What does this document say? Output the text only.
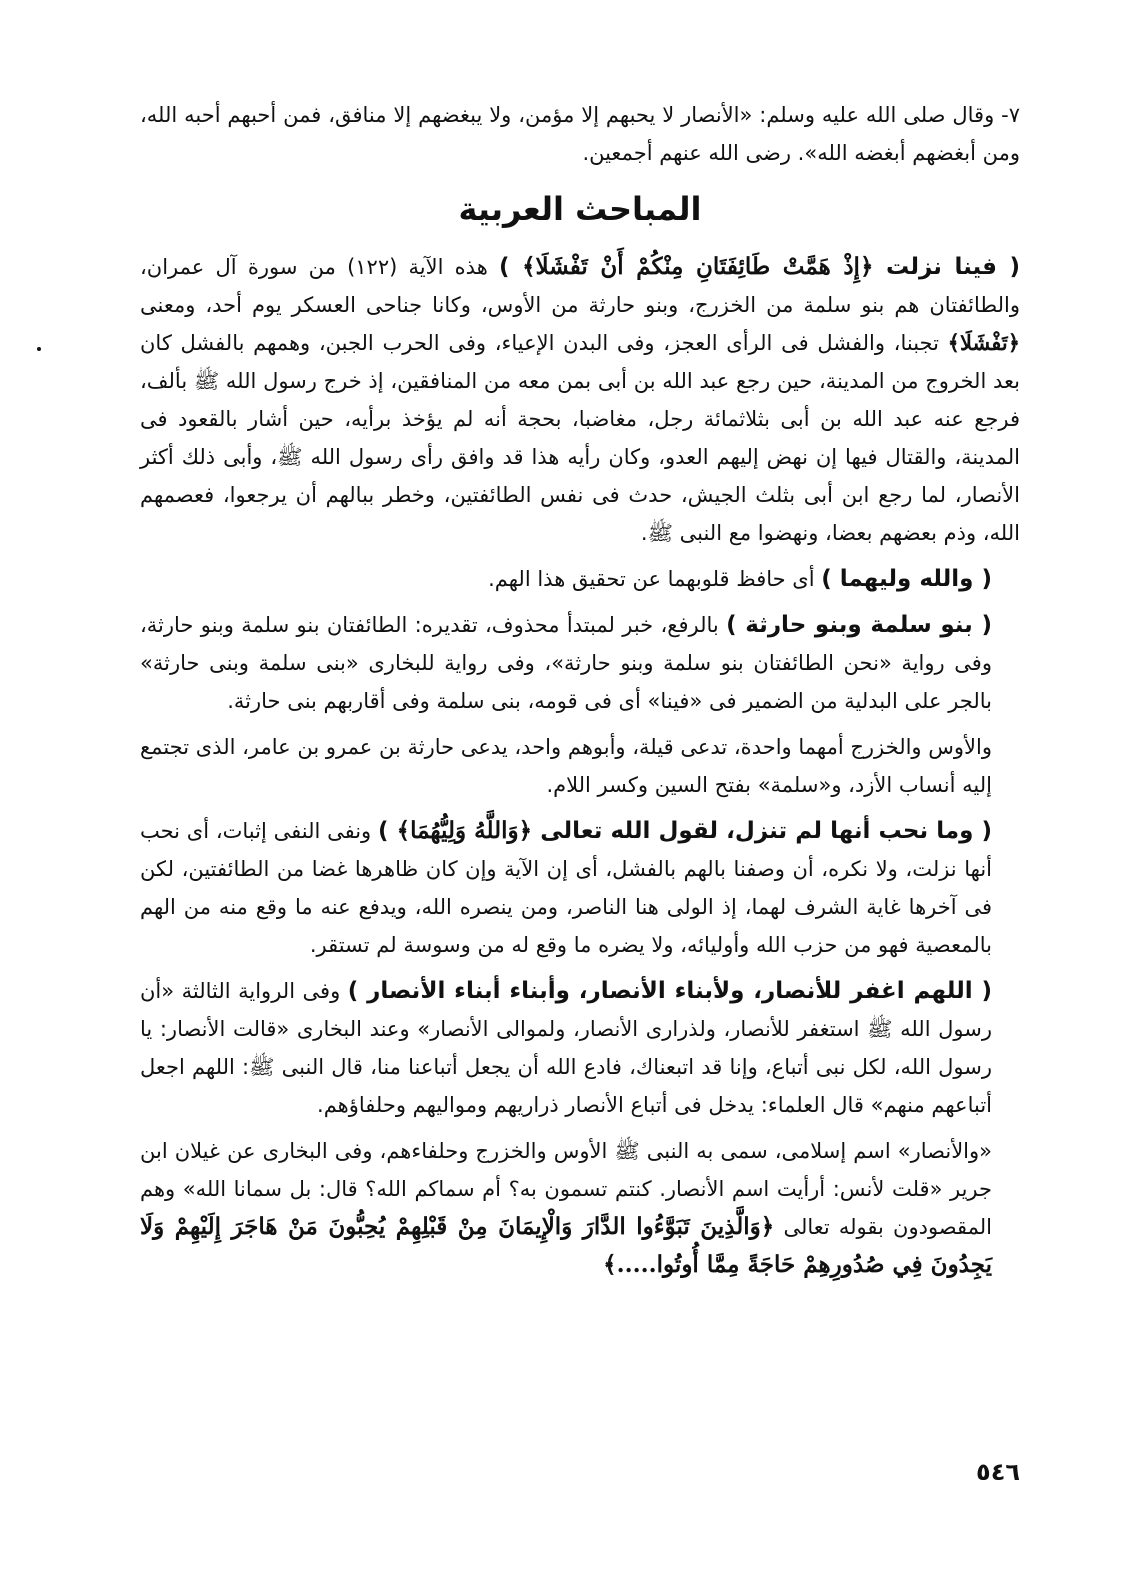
٧- وقال صلى الله عليه وسلم: «الأنصار لا يحبهم إلا مؤمن، ولا يبغضهم إلا منافق، فمن أحبهم أحبه الله، ومن أبغضهم أبغضه الله». رضى الله عنهم أجمعين.

المباحث العربية

( فينا نزلت ﴿إِذْ هَمَّتْ طَائِفَتَانِ مِنْكُمْ أَنْ تَفْشَلَا﴾ ) هذه الآية (١٢٢) من سورة آل عمران، والطائفتان هم بنو سلمة من الخزرج، وبنو حارثة من الأوس، وكانا جناحى العسكر يوم أحد، ومعنى ﴿تَفْشَلَا﴾ تجبنا، والفشل فى الرأى العجز، وفى البدن الإعياء، وفى الحرب الجبن، وهمهم بالفشل كان بعد الخروج من المدينة، حين رجع عبد الله بن أبى بمن معه من المنافقين، إذ خرج رسول الله ﷺ بألف، فرجع عنه عبد الله بن أبى بثلاثمائة رجل، مغاضبا، بحجة أنه لم يؤخذ برأيه، حين أشار بالقعود فى المدينة، والقتال فيها إن نهض إليهم العدو، وكان رأيه هذا قد وافق رأى رسول الله ﷺ، وأبى ذلك أكثر الأنصار، لما رجع ابن أبى بثلث الجيش، حدث فى نفس الطائفتين، وخطر ببالهم أن يرجعوا، فعصمهم الله، وذم بعضهم بعضا، ونهضوا مع النبى ﷺ.

( والله وليهما ) أى حافظ قلوبهما عن تحقيق هذا الهم.

( بنو سلمة وبنو حارثة ) بالرفع، خبر لمبتدأ محذوف، تقديره: الطائفتان بنو سلمة وبنو حارثة، وفى رواية «نحن الطائفتان بنو سلمة وبنو حارثة»، وفى رواية للبخارى «بنى سلمة وبنى حارثة» بالجر على البدلية من الضمير فى «فينا» أى فى قومه، بنى سلمة وفى أقاربهم بنى حارثة.

والأوس والخزرج أمهما واحدة، تدعى قيلة، وأبوهم واحد، يدعى حارثة بن عمرو بن عامر، الذى تجتمع إليه أنساب الأزد، و«سلمة» بفتح السين وكسر اللام.

( وما نحب أنها لم تنزل، لقول الله تعالى ﴿وَاللَّهُ وَلِيُّهُمَا﴾ ) ونفى النفى إثبات، أى نحب أنها نزلت، ولا نكره، أن وصفنا بالهم بالفشل، أى إن الآية وإن كان ظاهرها غضا من الطائفتين، لكن فى آخرها غاية الشرف لهما، إذ الولى هنا الناصر، ومن ينصره الله، ويدفع عنه ما وقع منه من الهم بالمعصية فهو من حزب الله وأوليائه، ولا يضره ما وقع له من وسوسة لم تستقر.

( اللهم اغفر للأنصار، ولأبناء الأنصار، وأبناء أبناء الأنصار ) وفى الرواية الثالثة «أن رسول الله ﷺ استغفر للأنصار، ولذرارى الأنصار، ولموالى الأنصار» وعند البخارى «قالت الأنصار: يا رسول الله، لكل نبى أتباع، وإنا قد اتبعناك، فادع الله أن يجعل أتباعنا منا، قال النبى ﷺ: اللهم اجعل أتباعهم منهم» قال العلماء: يدخل فى أتباع الأنصار ذراريهم ومواليهم وحلفاؤهم.

«والأنصار» اسم إسلامى، سمى به النبى ﷺ الأوس والخزرج وحلفاءهم، وفى البخارى عن غيلان ابن جرير «قلت لأنس: أرأيت اسم الأنصار. كنتم تسمون به؟ أم سماكم الله؟ قال: بل سمانا الله» وهم المقصودون بقوله تعالى ﴿وَالَّذِينَ تَبَوَّءُوا الدَّارَ وَالْإِيمَانَ مِنْ قَبْلِهِمْ يُحِبُّونَ مَنْ هَاجَرَ إِلَيْهِمْ وَلَا يَجِدُونَ فِي صُدُورِهِمْ حَاجَةً مِمَّا أُوتُوا.....﴾

٥٤٦
